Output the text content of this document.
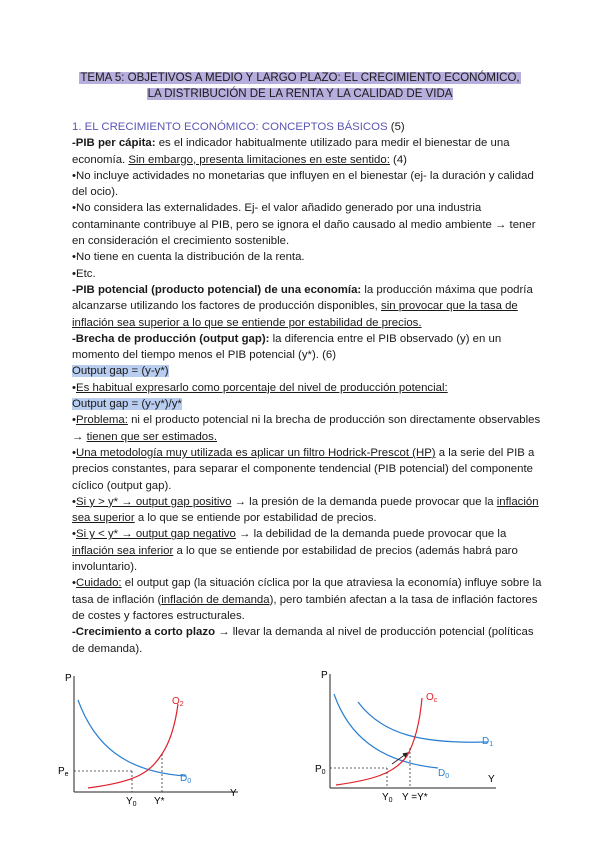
TEMA 5: OBJETIVOS A MEDIO Y LARGO PLAZO: EL CRECIMIENTO ECONÓMICO,
LA DISTRIBUCIÓN DE LA RENTA Y LA CALIDAD DE VIDA

1. EL CRECIMIENTO ECONÓMICO: CONCEPTOS BÁSICOS (5)

-PIB per cápita: es el indicador habitualmente utilizado para medir el bienestar de una economía. Sin embargo, presenta limitaciones en este sentido: (4)

•No incluye actividades no monetarias que influyen en el bienestar (ej- la duración y calidad del ocio).

•No considera las externalidades. Ej- el valor añadido generado por una industria contaminante contribuye al PIB, pero se ignora el daño causado al medio ambiente → tener en consideración el crecimiento sostenible.

•No tiene en cuenta la distribución de la renta.

•Etc.

-PIB potencial (producto potencial) de una economía: la producción máxima que podría alcanzarse utilizando los factores de producción disponibles, sin provocar que la tasa de inflación sea superior a lo que se entiende por estabilidad de precios.

-Brecha de producción (output gap): la diferencia entre el PIB observado (y) en un momento del tiempo menos el PIB potencial (y*). (6)

Output gap = (y-y*)

•Es habitual expresarlo como porcentaje del nivel de producción potencial:

Output gap = (y-y*)/y*

•Problema: ni el producto potencial ni la brecha de producción son directamente observables → tienen que ser estimados.

•Una metodología muy utilizada es aplicar un filtro Hodrick-Prescot (HP) a la serie del PIB a precios constantes, para separar el componente tendencial (PIB potencial) del componente cíclico (output gap).

•Si y > y* → output gap positivo → la presión de la demanda puede provocar que la inflación sea superior a lo que se entiende por estabilidad de precios.

•Si y < y* → output gap negativo → la debilidad de la demanda puede provocar que la inflación sea inferior a lo que se entiende por estabilidad de precios (además habrá paro involuntario).

•Cuidado: el output gap (la situación cíclica por la que atraviesa la economía) influye sobre la tasa de inflación (inflación de demanda), pero también afectan a la tasa de inflación factores de costes y factores estructurales.

-Crecimiento a corto plazo → llevar la demanda al nivel de producción potencial (políticas de demanda).

P
$O_2$
$D_0$
$P_e$
$Y_0$ Y*
Y
P
$O_c$
$D_1$
$D_0$
$P_0$
$Y_0$ Y =Y*
Y
